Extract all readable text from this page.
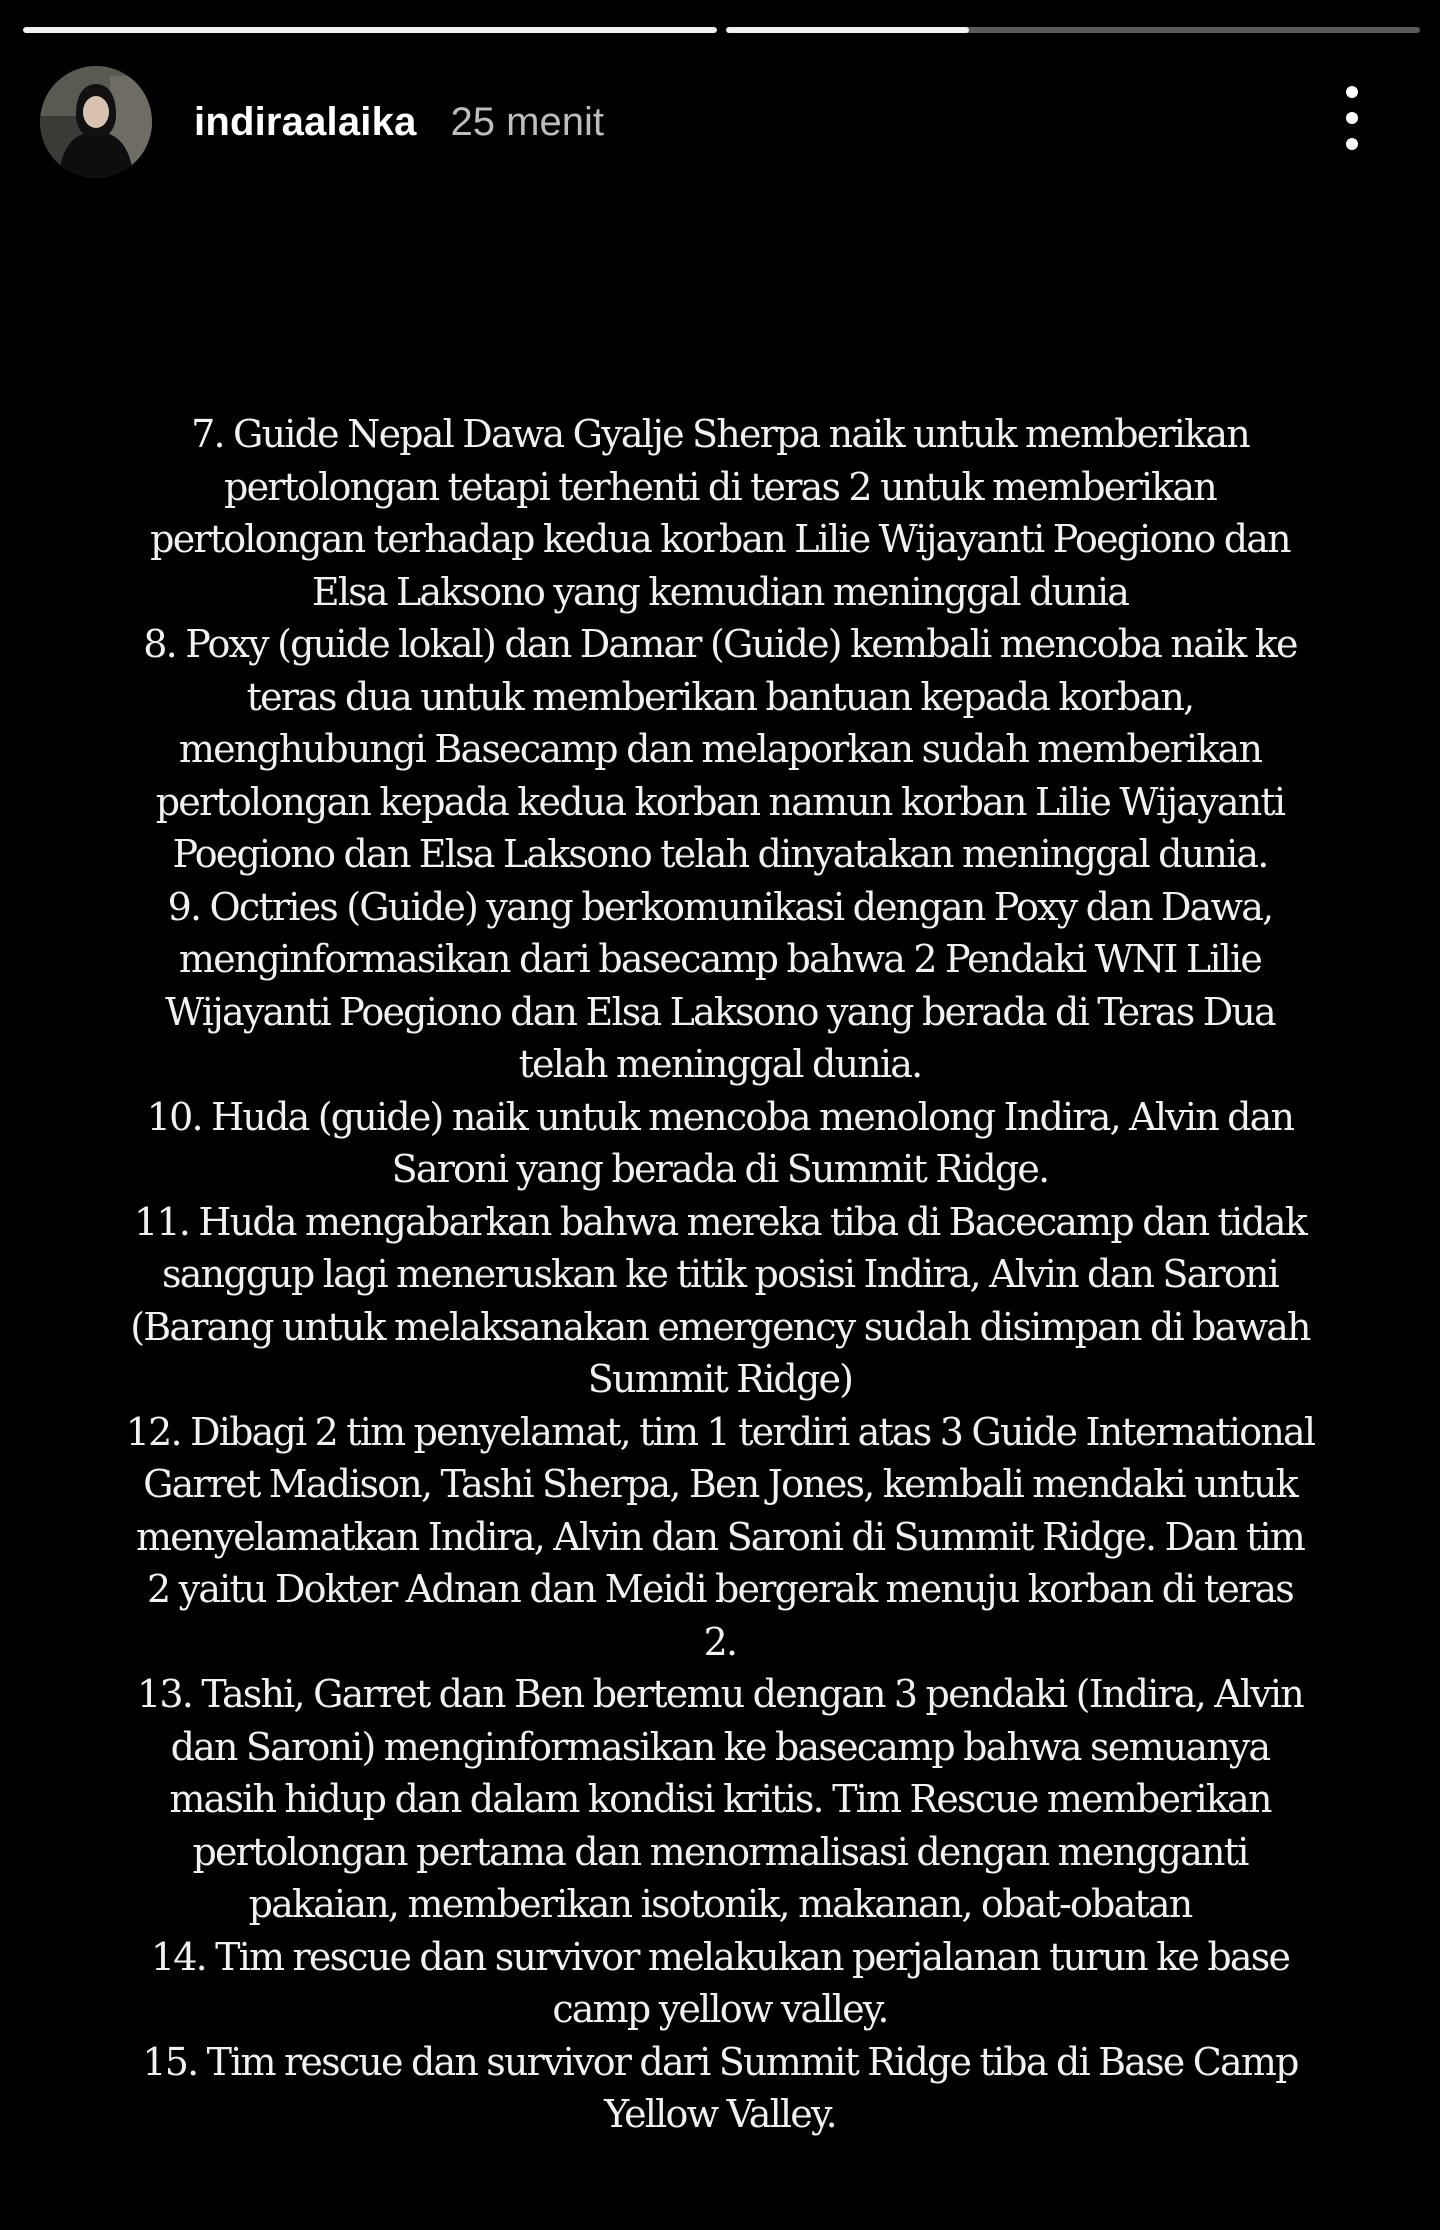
indiraalaika 25 menit
7. Guide Nepal Dawa Gyalje Sherpa naik untuk memberikan
pertolongan tetapi terhenti di teras 2 untuk memberikan
pertolongan terhadap kedua korban Lilie Wijayanti Poegiono dan
Elsa Laksono yang kemudian meninggal dunia
8. Poxy (guide lokal) dan Damar (Guide) kembali mencoba naik ke
teras dua untuk memberikan bantuan kepada korban,
menghubungi Basecamp dan melaporkan sudah memberikan
pertolongan kepada kedua korban namun korban Lilie Wijayanti
Poegiono dan Elsa Laksono telah dinyatakan meninggal dunia.
9. Octries (Guide) yang berkomunikasi dengan Poxy dan Dawa,
menginformasikan dari basecamp bahwa 2 Pendaki WNI Lilie
Wijayanti Poegiono dan Elsa Laksono yang berada di Teras Dua
telah meninggal dunia.
10. Huda (guide) naik untuk mencoba menolong Indira, Alvin dan
Saroni yang berada di Summit Ridge.
11. Huda mengabarkan bahwa mereka tiba di Bacecamp dan tidak
sanggup lagi meneruskan ke titik posisi Indira, Alvin dan Saroni
(Barang untuk melaksanakan emergency sudah disimpan di bawah
Summit Ridge)
12. Dibagi 2 tim penyelamat, tim 1 terdiri atas 3 Guide International
Garret Madison, Tashi Sherpa, Ben Jones, kembali mendaki untuk
menyelamatkan Indira, Alvin dan Saroni di Summit Ridge. Dan tim
2 yaitu Dokter Adnan dan Meidi bergerak menuju korban di teras
2.
13. Tashi, Garret dan Ben bertemu dengan 3 pendaki (Indira, Alvin
dan Saroni) menginformasikan ke basecamp bahwa semuanya
masih hidup dan dalam kondisi kritis. Tim Rescue memberikan
pertolongan pertama dan menormalisasi dengan mengganti
pakaian, memberikan isotonik, makanan, obat-obatan
14. Tim rescue dan survivor melakukan perjalanan turun ke base
camp yellow valley.
15. Tim rescue dan survivor dari Summit Ridge tiba di Base Camp
Yellow Valley.
